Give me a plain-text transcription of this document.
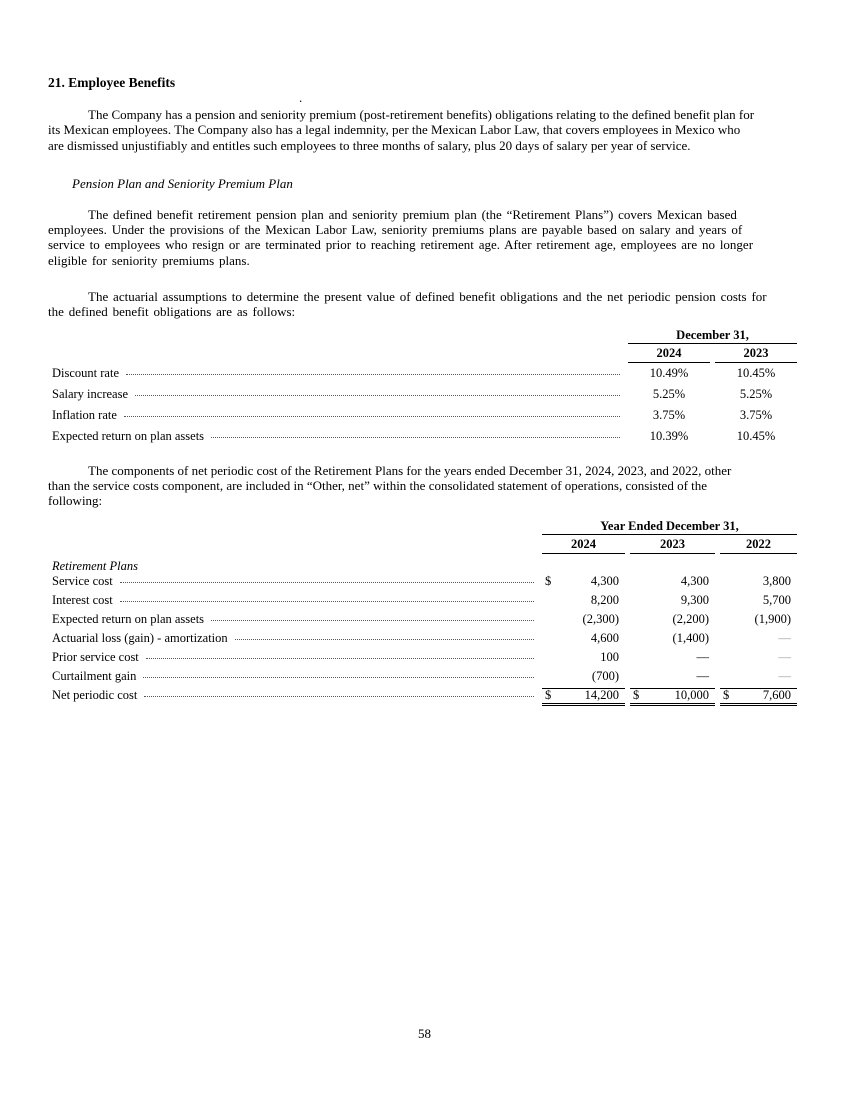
.
21. Employee Benefits
The Company has a pension and seniority premium (post-retirement benefits) obligations relating to the defined benefit plan for
its Mexican employees. The Company also has a legal indemnity, per the Mexican Labor Law, that covers employees in Mexico who
are dismissed unjustifiably and entitles such employees to three months of salary, plus 20 days of salary per year of service.
Pension Plan and Seniority Premium Plan
The defined benefit retirement pension plan and seniority premium plan (the “Retirement Plans”) covers Mexican based
employees. Under the provisions of the Mexican Labor Law, seniority premiums plans are payable based on salary and years of
service to employees who resign or are terminated prior to reaching retirement age. After retirement age, employees are no longer
eligible for seniority premiums plans.
The actuarial assumptions to determine the present value of defined benefit obligations and the net periodic pension costs for
the defined benefit obligations are as follows:
December 31,
2024	2023
Discount rate	10.49%	10.45%
Salary increase	5.25%	5.25%
Inflation rate	3.75%	3.75%
Expected return on plan assets	10.39%	10.45%
The components of net periodic cost of the Retirement Plans for the years ended December 31, 2024, 2023, and 2022, other
than the service costs component, are included in “Other, net” within the consolidated statement of operations, consisted of the
following:
Year Ended December 31,
2024	2023	2022
Retirement Plans
Service cost	$	4,300	4,300	3,800
Interest cost	8,200	9,300	5,700
Expected return on plan assets	(2,300)	(2,200)	(1,900)
Actuarial loss (gain) - amortization	4,600	(1,400)	—
Prior service cost	100	—	—
Curtailment gain	(700)	—	—
Net periodic cost	$	14,200	$	10,000	$	7,600
58
